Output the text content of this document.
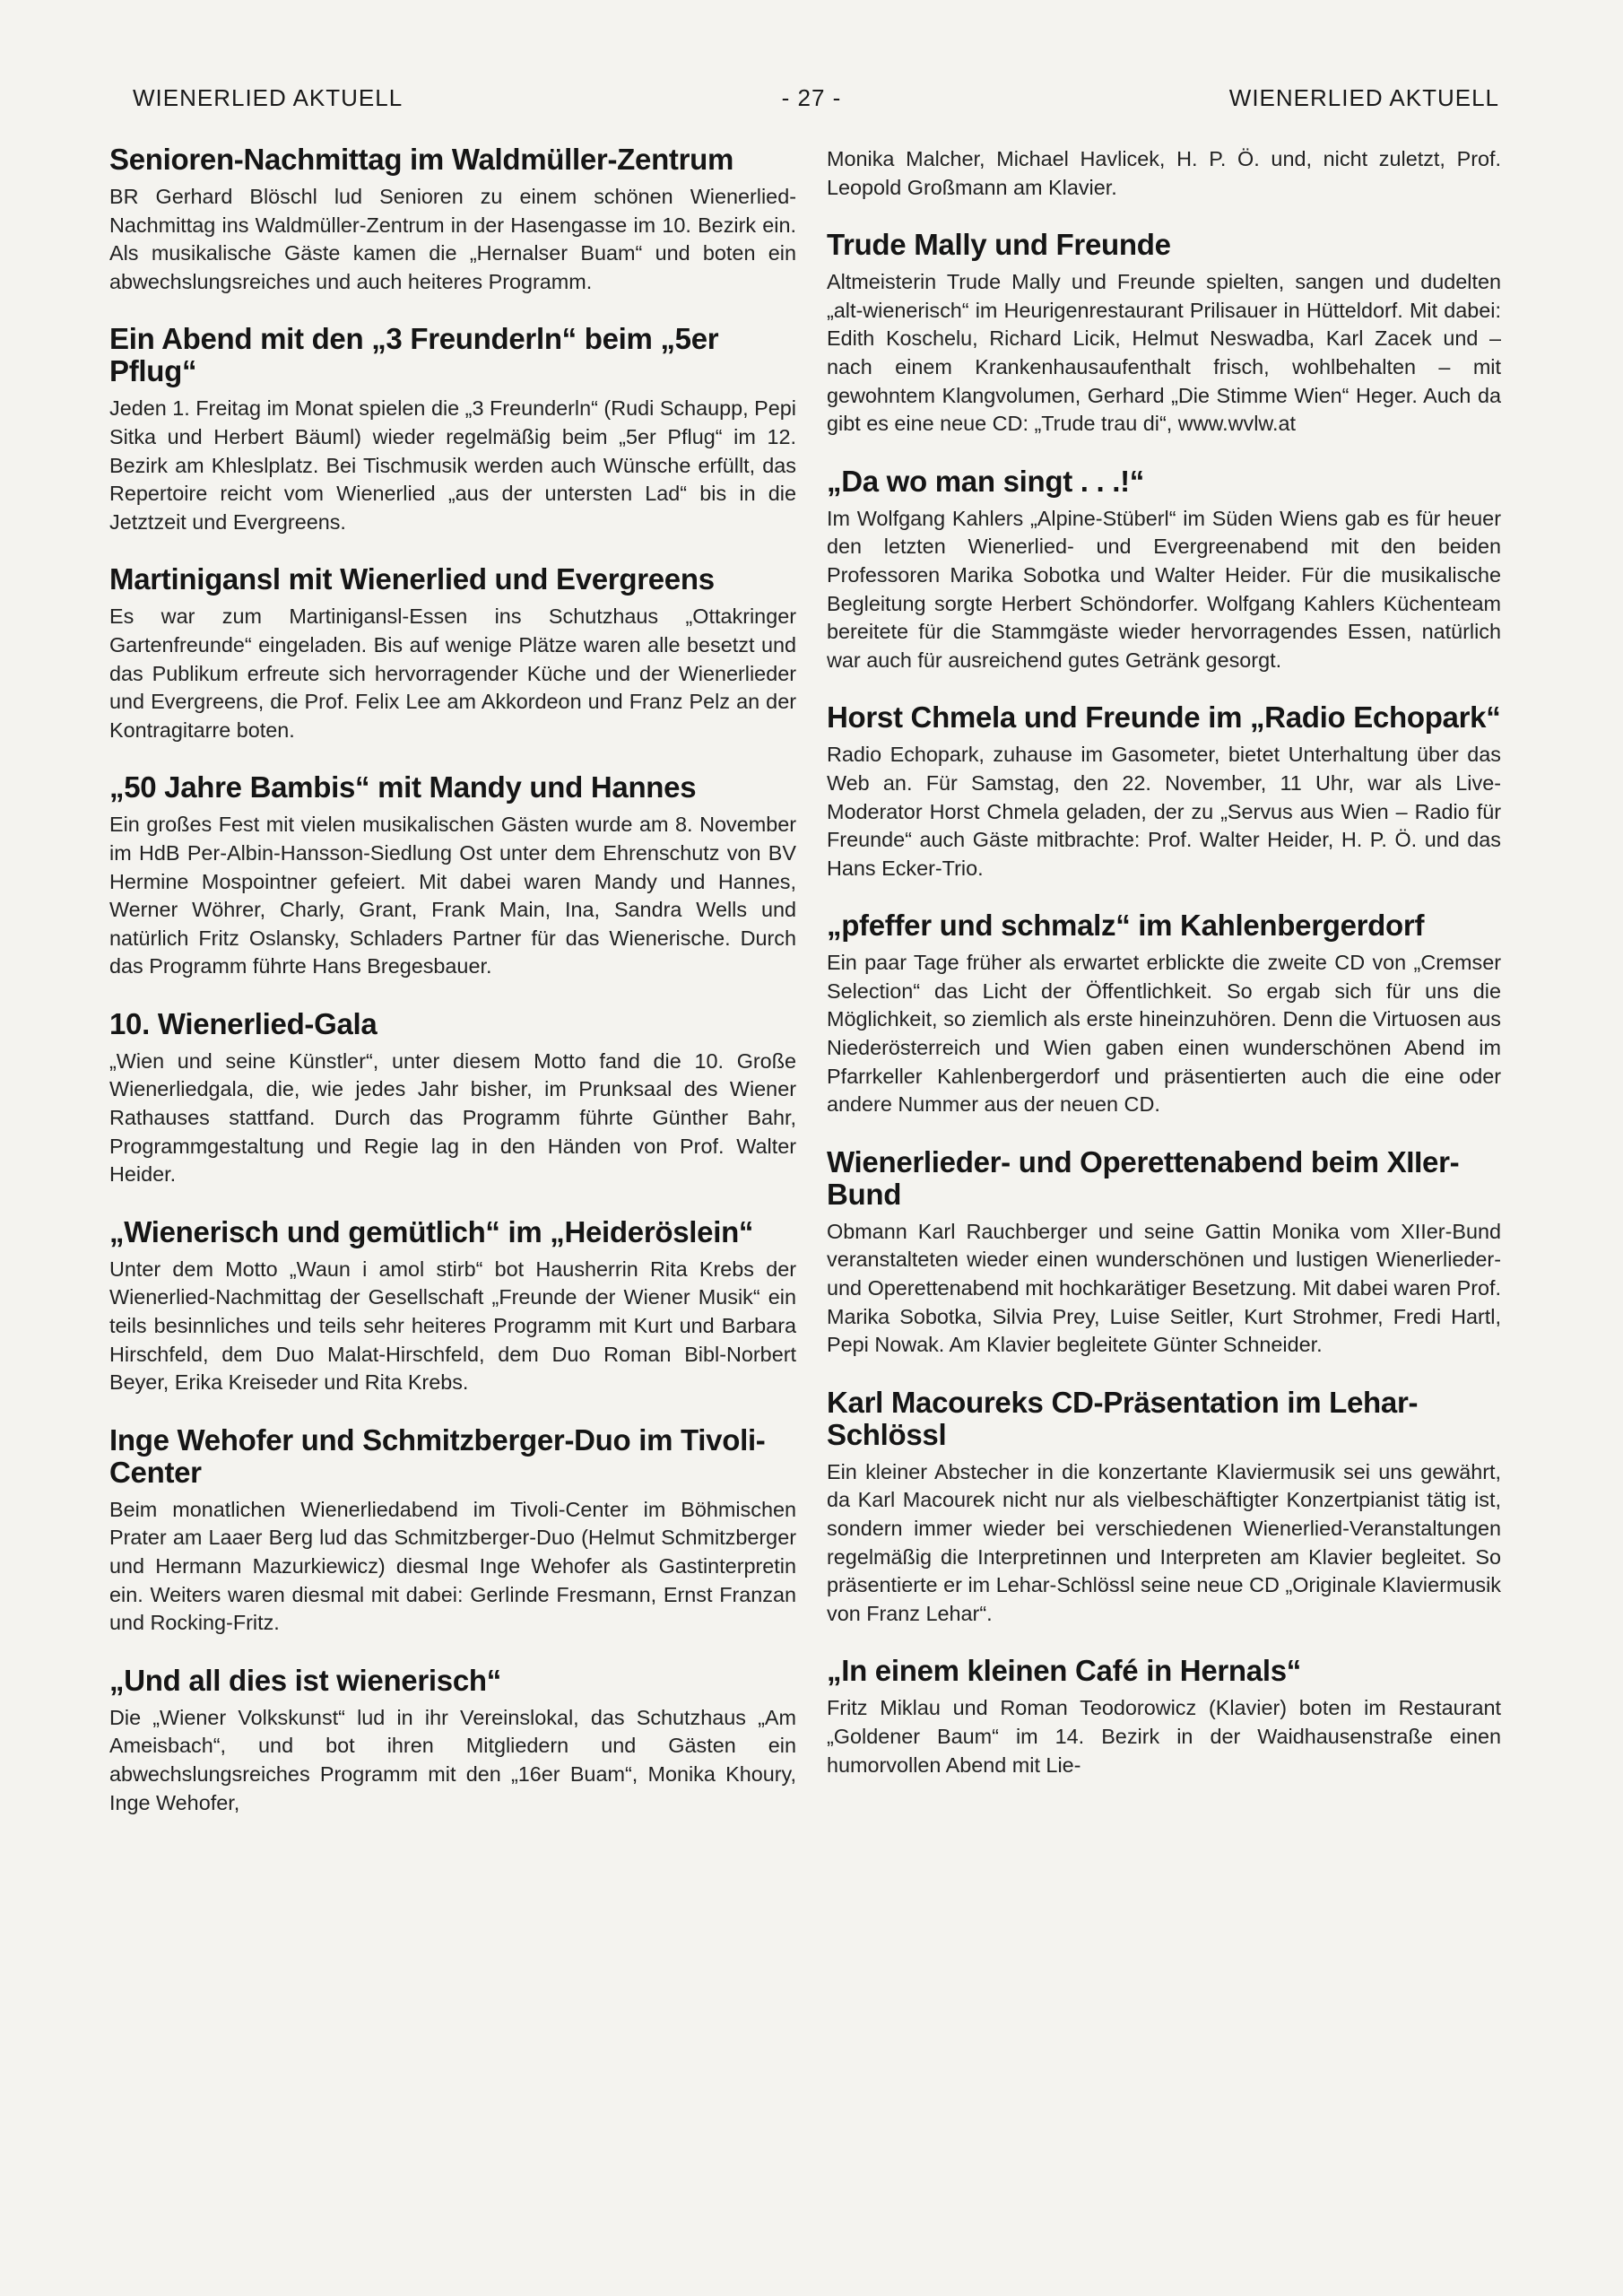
WIENERLIED AKTUELL	- 27 -	WIENERLIED AKTUELL
Senioren-Nachmittag im Waldmüller-Zentrum

BR Gerhard Blöschl lud Senioren zu einem schönen Wienerlied-Nachmittag ins Waldmüller-Zentrum in der Hasengasse im 10. Bezirk ein. Als musikalische Gäste kamen die „Hernalser Buam“ und boten ein abwechslungsreiches und auch heiteres Programm.

Ein Abend mit den „3 Freunderln“ beim „5er Pflug“

Jeden 1. Freitag im Monat spielen die „3 Freunderln“ (Rudi Schaupp, Pepi Sitka und Herbert Bäuml) wieder regelmäßig beim „5er Pflug“ im 12. Bezirk am Khleslplatz. Bei Tischmusik werden auch Wünsche erfüllt, das Repertoire reicht vom Wienerlied „aus der untersten Lad“ bis in die Jetztzeit und Evergreens.

Martinigansl mit Wienerlied und Evergreens

Es war zum Martinigansl-Essen ins Schutzhaus „Ottakringer Gartenfreunde“ eingeladen. Bis auf wenige Plätze waren alle besetzt und das Publikum erfreute sich hervorragender Küche und der Wienerlieder und Evergreens, die Prof. Felix Lee am Akkordeon und Franz Pelz an der Kontragitarre boten.

„50 Jahre Bambis“ mit Mandy und Hannes

Ein großes Fest mit vielen musikalischen Gästen wurde am 8. November im HdB Per-Albin-Hansson-Siedlung Ost unter dem Ehrenschutz von BV Hermine Mospointner gefeiert. Mit dabei waren Mandy und Hannes, Werner Wöhrer, Charly, Grant, Frank Main, Ina, Sandra Wells und natürlich Fritz Oslansky, Schladers Partner für das Wienerische. Durch das Programm führte Hans Bregesbauer.

10. Wienerlied-Gala

„Wien und seine Künstler“, unter diesem Motto fand die 10. Große Wienerliedgala, die, wie jedes Jahr bisher, im Prunksaal des Wiener Rathauses stattfand. Durch das Programm führte Günther Bahr, Programmgestaltung und Regie lag in den Händen von Prof. Walter Heider.

„Wienerisch und gemütlich“ im „Heideröslein“

Unter dem Motto „Waun i amol stirb“ bot Hausherrin Rita Krebs der Wienerlied-Nachmittag der Gesellschaft „Freunde der Wiener Musik“ ein teils besinnliches und teils sehr heiteres Programm mit Kurt und Barbara Hirschfeld, dem Duo Malat-Hirschfeld, dem Duo Roman Bibl-Norbert Beyer, Erika Kreiseder und Rita Krebs.

Inge Wehofer und Schmitzberger-Duo im Tivoli-Center

Beim monatlichen Wienerliedabend im Tivoli-Center im Böhmischen Prater am Laaer Berg lud das Schmitzberger-Duo (Helmut Schmitzberger und Hermann Mazurkiewicz) diesmal Inge Wehofer als Gastinterpretin ein. Weiters waren diesmal mit dabei: Gerlinde Fresmann, Ernst Franzan und Rocking-Fritz.

„Und all dies ist wienerisch“

Die „Wiener Volkskunst“ lud in ihr Vereinslokal, das Schutzhaus „Am Ameisbach“, und bot ihren Mitgliedern und Gästen ein abwechslungsreiches Programm mit den „16er Buam“, Monika Khoury, Inge Wehofer,

Monika Malcher, Michael Havlicek, H. P. Ö. und, nicht zuletzt, Prof. Leopold Großmann am Klavier.

Trude Mally und Freunde

Altmeisterin Trude Mally und Freunde spielten, sangen und dudelten „alt-wienerisch“ im Heurigenrestaurant Prilisauer in Hütteldorf. Mit dabei: Edith Koschelu, Richard Licik, Helmut Neswadba, Karl Zacek und – nach einem Krankenhausaufenthalt frisch, wohlbehalten – mit gewohntem Klangvolumen, Gerhard „Die Stimme Wien“ Heger. Auch da gibt es eine neue CD: „Trude trau di“, www.wvlw.at

„Da wo man singt . . .!“

Im Wolfgang Kahlers „Alpine-Stüberl“ im Süden Wiens gab es für heuer den letzten Wienerlied- und Evergreenabend mit den beiden Professoren Marika Sobotka und Walter Heider. Für die musikalische Begleitung sorgte Herbert Schöndorfer. Wolfgang Kahlers Küchenteam bereitete für die Stammgäste wieder hervorragendes Essen, natürlich war auch für ausreichend gutes Getränk gesorgt.

Horst Chmela und Freunde im „Radio Echopark“

Radio Echopark, zuhause im Gasometer, bietet Unterhaltung über das Web an. Für Samstag, den 22. November, 11 Uhr, war als Live-Moderator Horst Chmela geladen, der zu „Servus aus Wien – Radio für Freunde“ auch Gäste mitbrachte: Prof. Walter Heider, H. P. Ö. und das Hans Ecker-Trio.

„pfeffer und schmalz“ im Kahlenbergerdorf

Ein paar Tage früher als erwartet erblickte die zweite CD von „Cremser Selection“ das Licht der Öffentlichkeit. So ergab sich für uns die Möglichkeit, so ziemlich als erste hineinzuhören. Denn die Virtuosen aus Niederösterreich und Wien gaben einen wunderschönen Abend im Pfarrkeller Kahlenbergerdorf und präsentierten auch die eine oder andere Nummer aus der neuen CD.

Wienerlieder- und Operettenabend beim XIIer-Bund

Obmann Karl Rauchberger und seine Gattin Monika vom XIIer-Bund veranstalteten wieder einen wunderschönen und lustigen Wienerlieder- und Operettenabend mit hochkarätiger Besetzung. Mit dabei waren Prof. Marika Sobotka, Silvia Prey, Luise Seitler, Kurt Strohmer, Fredi Hartl, Pepi Nowak. Am Klavier begleitete Günter Schneider.

Karl Macoureks CD-Präsentation im Lehar-Schlössl

Ein kleiner Abstecher in die konzertante Klaviermusik sei uns gewährt, da Karl Macourek nicht nur als vielbeschäftigter Konzertpianist tätig ist, sondern immer wieder bei verschiedenen Wienerlied-Veranstaltungen regelmäßig die Interpretinnen und Interpreten am Klavier begleitet. So präsentierte er im Lehar-Schlössl seine neue CD „Originale Klaviermusik von Franz Lehar“.

„In einem kleinen Café in Hernals“

Fritz Miklau und Roman Teodorowicz (Klavier) boten im Restaurant „Goldener Baum“ im 14. Bezirk in der Waidhausenstraße einen humorvollen Abend mit Lie-
